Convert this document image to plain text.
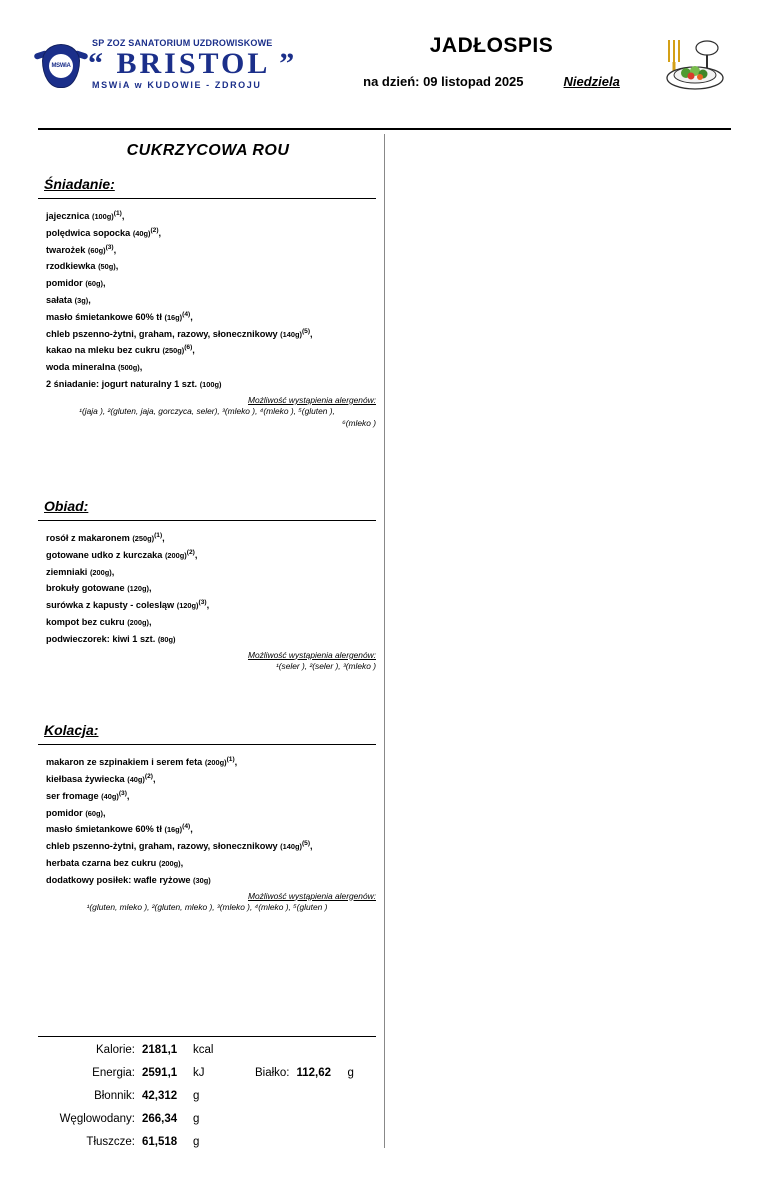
MSWiA
SP ZOZ SANATORIUM UZDROWISKOWE
“ BRISTOL ”
MSWiA w KUDOWIE - ZDROJU
JADŁOSPIS
na dzień: 09 listopad 2025	Niedziela
CUKRZYCOWA ROU
Śniadanie:
jajecznica $(100g)^{(1)}$,
polędwica sopocka $(40g)^{(2)}$,
twarożek $(60g)^{(3)}$,
rzodkiewka (50g),
pomidor (60g),
sałata (3g),
masło śmietankowe 60% tł $(16g)^{(4)}$,
chleb pszenno-żytni, graham, razowy, słonecznikowy $(140g)^{(5)}$,
kakao na mleku bez cukru $(250g)^{(6)}$,
woda mineralna (500g),
2 śniadanie: jogurt naturalny 1 szt. (100g)
Możliwość wystąpienia alergenów:
¹(jaja ), ²(gluten, jaja, gorczyca, seler), ³(mleko ), ⁴(mleko ), ⁵(gluten ),
⁶(mleko )
Obiad:
rosół z makaronem $(250g)^{(1)}$,
gotowane udko z kurczaka $(200g)^{(2)}$,
ziemniaki (200g),
brokuły gotowane (120g),
surówka z kapusty - colesląw $(120g)^{(3)}$,
kompot bez cukru (200g),
podwieczorek: kiwi 1 szt. (80g)
Możliwość wystąpienia alergenów:
¹(seler ), ²(seler ), ³(mleko )
Kolacja:
makaron ze szpinakiem i serem feta $(200g)^{(1)}$,
kiełbasa żywiecka $(40g)^{(2)}$,
ser fromage $(40g)^{(3)}$,
pomidor (60g),
masło śmietankowe 60% tł $(16g)^{(4)}$,
chleb pszenno-żytni, graham, razowy, słonecznikowy $(140g)^{(5)}$,
herbata czarna bez cukru (200g),
dodatkowy posiłek: wafle ryżowe (30g)
Możliwość wystąpienia alergenów:
¹(gluten, mleko ), ²(gluten, mleko ), ³(mleko ), ⁴(mleko ), ⁵(gluten )
Kalorie: 2181,1	kcal
Energia: 2591,1	kJ	Białko: 112,62	g
Błonnik: 42,312	g
Węglowodany: 266,34	g
Tłuszcze: 61,518	g
